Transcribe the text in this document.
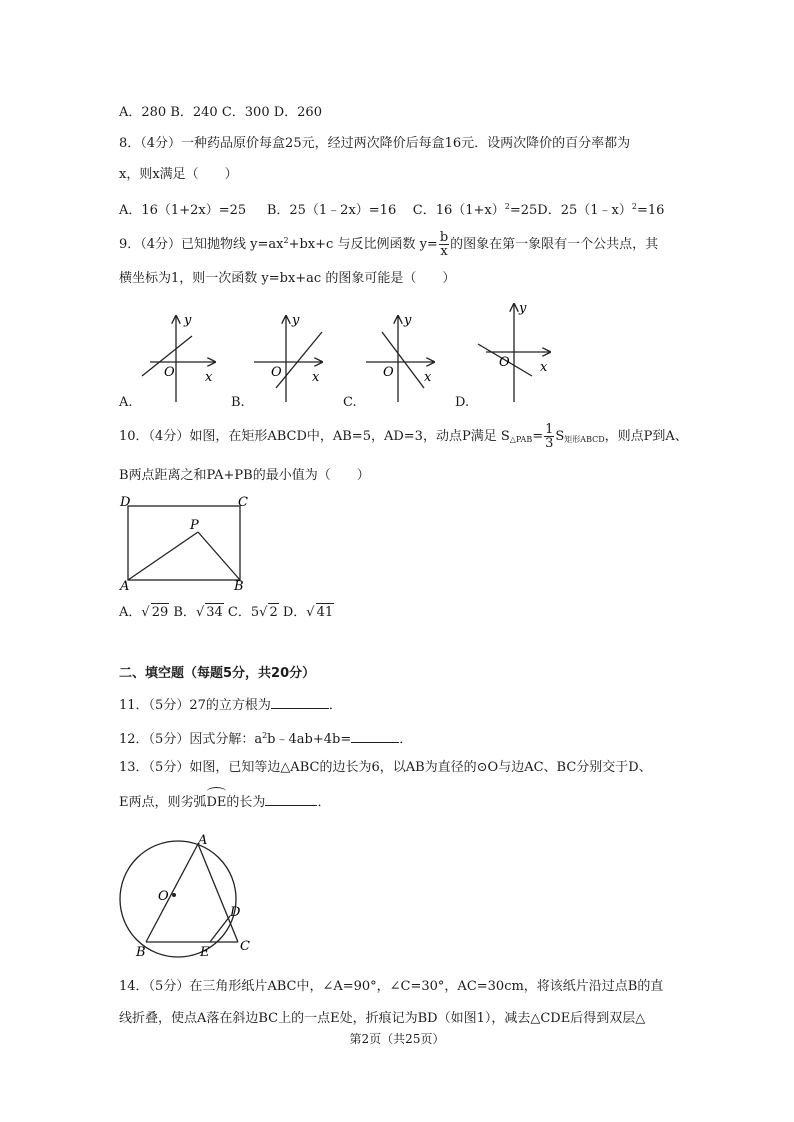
A．280 B．240 C．300 D．260
8．（4分）一种药品原价每盒25元，经过两次降价后每盒16元．设两次降价的百分率都为
x，则x满足（　　）
A．16（1+2x）=25 B．25（1﹣2x）=16 C．$16(1+x)^2=25D$．25（1﹣x）$^2$=16
9．（4分）已知抛物线 $y=ax^2+bx+c$ 与反比例函数 $y= \frac{b}{x}$ 的图象在第一象限有一个公共点，其
横坐标为1，则一次函数 y=bx+ac 的图象可能是（　　）
y
O x
y
O x
y
O x
y
O x
A.	B.	C.	D.
10．（4分）如图，在矩形ABCD中，AB=5，AD=3，动点P满足 $S_{\triangle PAB}= \frac{1}{3} S_{矩形ABCD}$，则点P到A、
B两点距离之和PA+PB的最小值为（　　）
D	C
P
A	B
A．√ 29 B．√ 34 C．5√ 2 D．√ 41
二、填空题（每题5分，共20分）
11．（5分）27的立方根为	．
12．（5分）因式分解：$a^2b﹣4ab+4b=$	．
13．（5分）如图，已知等边△ABC的边长为6，以AB为直径的⊙O与边AC、BC分别交于D、
E两点，则劣弧
DE的长为	．
A
O
D
B	E C
14．（5分）在三角形纸片ABC中，∠A=90°，∠C=30°，AC=30cm，将该纸片沿过点B的直
线折叠，使点A落在斜边BC上的一点E处，折痕记为BD（如图1），减去△CDE后得到双层△
第2页（共25页）
